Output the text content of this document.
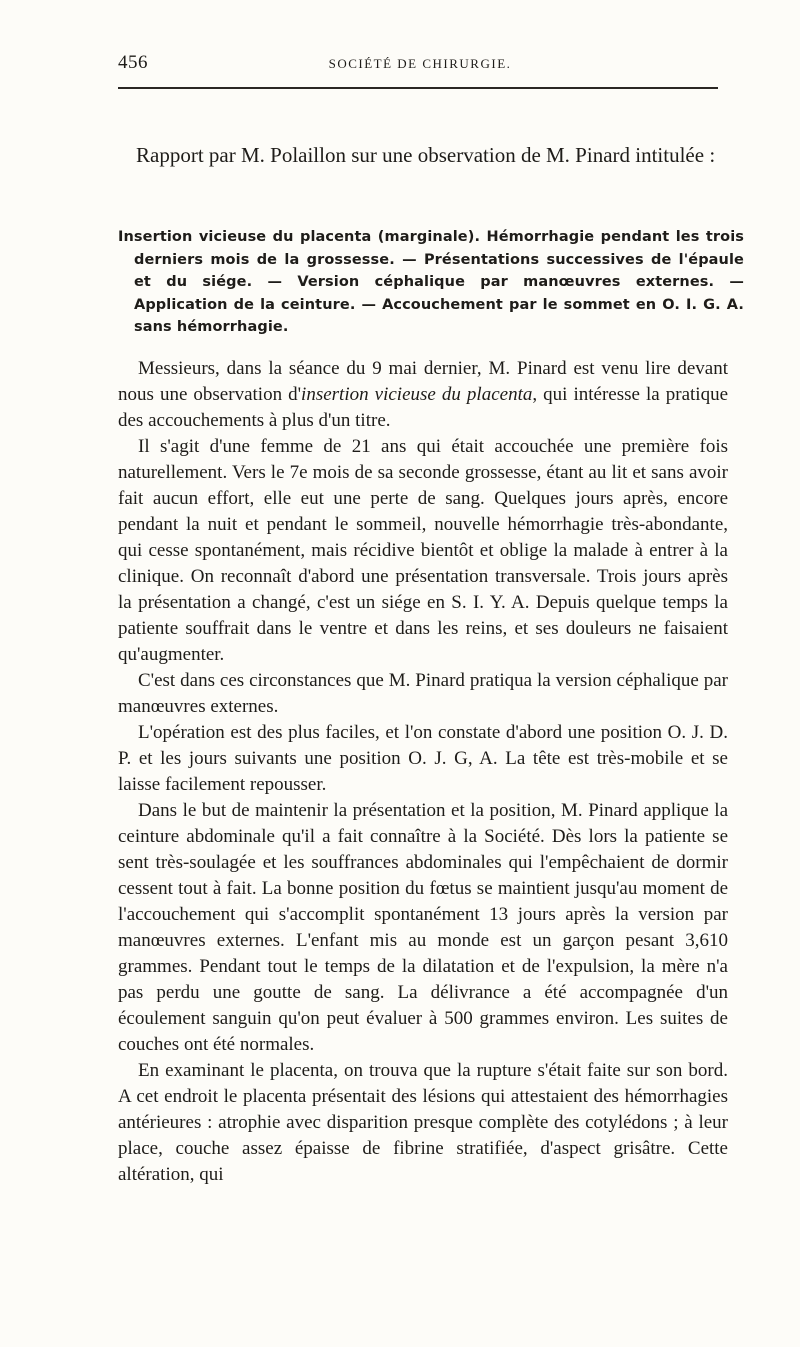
456	SOCIÉTÉ DE CHIRURGIE.

Rapport par M. Polaillon sur une observation de M. Pinard intitulée :

Insertion vicieuse du placenta (marginale). Hémorrhagie pendant les trois derniers mois de la grossesse. — Présentations successives de l'épaule et du siége. — Version céphalique par manœuvres externes. — Application de la ceinture. — Accouchement par le sommet en O. I. G. A. sans hémorrhagie.

Messieurs, dans la séance du 9 mai dernier, M. Pinard est venu lire devant nous une observation d'insertion vicieuse du placenta, qui intéresse la pratique des accouchements à plus d'un titre.

Il s'agit d'une femme de 21 ans qui était accouchée une première fois naturellement. Vers le 7e mois de sa seconde grossesse, étant au lit et sans avoir fait aucun effort, elle eut une perte de sang. Quelques jours après, encore pendant la nuit et pendant le sommeil, nouvelle hémorrhagie très-abondante, qui cesse spontanément, mais récidive bientôt et oblige la malade à entrer à la clinique. On reconnaît d'abord une présentation transversale. Trois jours après la présentation a changé, c'est un siége en S. I. Y. A. Depuis quelque temps la patiente souffrait dans le ventre et dans les reins, et ses douleurs ne faisaient qu'augmenter.

C'est dans ces circonstances que M. Pinard pratiqua la version céphalique par manœuvres externes.

L'opération est des plus faciles, et l'on constate d'abord une position O. J. D. P. et les jours suivants une position O. J. G, A. La tête est très-mobile et se laisse facilement repousser.

Dans le but de maintenir la présentation et la position, M. Pinard applique la ceinture abdominale qu'il a fait connaître à la Société. Dès lors la patiente se sent très-soulagée et les souffrances abdominales qui l'empêchaient de dormir cessent tout à fait. La bonne position du fœtus se maintient jusqu'au moment de l'accouchement qui s'accomplit spontanément 13 jours après la version par manœuvres externes. L'enfant mis au monde est un garçon pesant 3,610 grammes. Pendant tout le temps de la dilatation et de l'expulsion, la mère n'a pas perdu une goutte de sang. La délivrance a été accompagnée d'un écoulement sanguin qu'on peut évaluer à 500 grammes environ. Les suites de couches ont été normales.

En examinant le placenta, on trouva que la rupture s'était faite sur son bord. A cet endroit le placenta présentait des lésions qui attestaient des hémorrhagies antérieures : atrophie avec disparition presque complète des cotylédons ; à leur place, couche assez épaisse de fibrine stratifiée, d'aspect grisâtre. Cette altération, qui
